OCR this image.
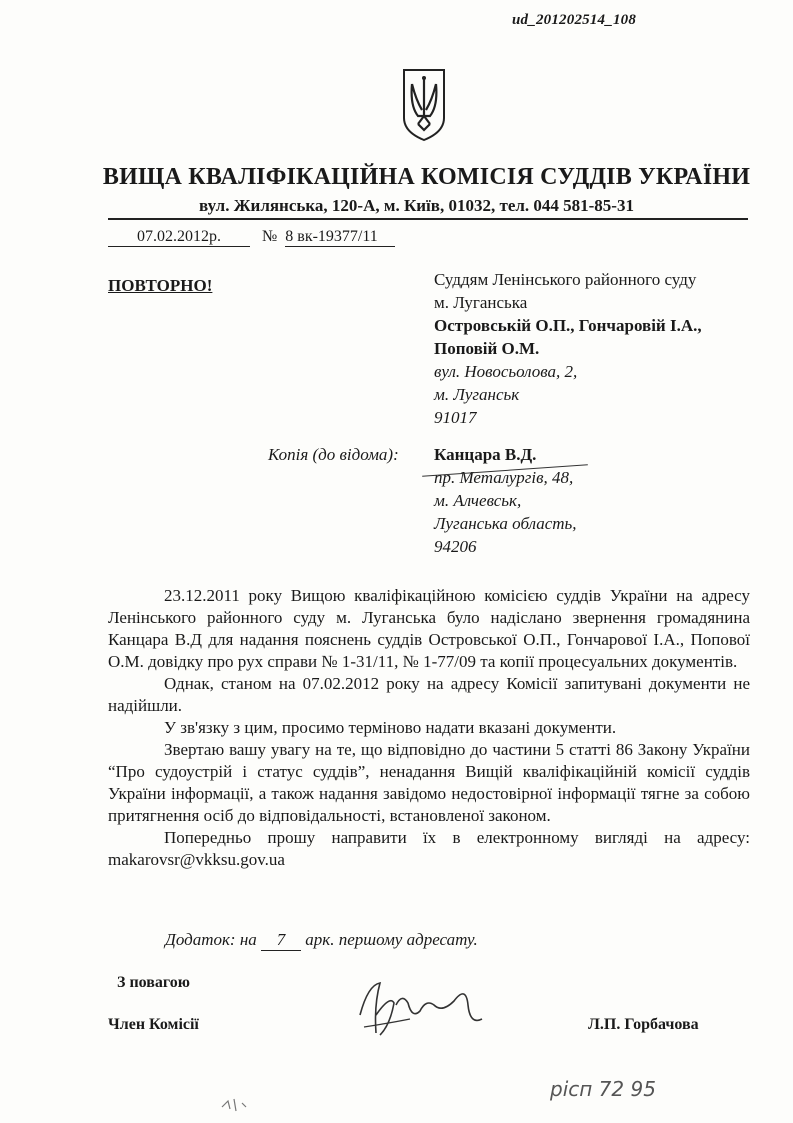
ud_201202514_108
ВИЩА КВАЛІФІКАЦІЙНА КОМІСІЯ СУДДІВ УКРАЇНИ
вул. Жилянська, 120-А, м. Київ, 01032, тел. 044 581-85-31
07.02.2012р.	№ 8 вк-19377/11
ПОВТОРНО!	Суддям Ленінського районного суду
м. Луганська
Островській О.П., Гончаровій І.А.,
Поповій О.М.
вул. Новосьолова, 2,
м. Луганськ
91017
Копія (до відома): Канцара В.Д.
пр. Металургів, 48,
м. Алчевськ,
Луганська область,
94206

23.12.2011 року Вищою кваліфікаційною комісією суддів України на адресу Ленінського районного суду м. Луганська було надіслано звернення громадянина Канцара В.Д для надання пояснень суддів Островської О.П., Гончарової І.А., Попової О.М. довідку про рух справи № 1-31/11, № 1-77/09 та копії процесуальних документів.

Однак, станом на 07.02.2012 року на адресу Комісії запитувані документи не надійшли.

У зв'язку з цим, просимо терміново надати вказані документи.

Звертаю вашу увагу на те, що відповідно до частини 5 статті 86 Закону України “Про судоустрій і статус суддів”, ненадання Вищій кваліфікаційній комісії суддів України інформації, а також надання завідомо недостовірної інформації тягне за собою притягнення осіб до відповідальності, встановленої законом.

Попередньо прошу направити їх в електронному вигляді на адресу: makarovsr@vkksu.gov.ua

Додаток: на 7 арк. першому адресату.
З повагою
Член Комісії	Л.П. Горбачова
рісп 72 95
